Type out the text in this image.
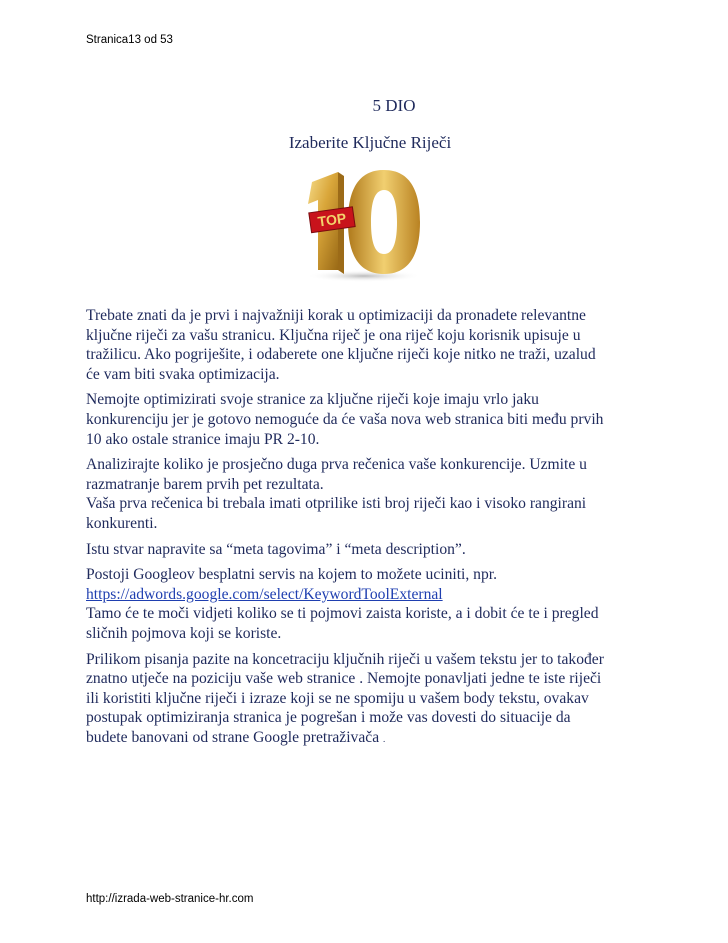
Stranica13 od 53
5 DIO
Izaberite Ključne Riječi
TOP

Trebate znati da je prvi i najvažniji korak u optimizaciji da pronadete relevantne
ključne riječi za vašu stranicu. Ključna riječ je ona riječ koju korisnik upisuje u
tražilicu. Ako pogriješite, i odaberete one ključne riječi koje nitko ne traži, uzalud
će vam biti svaka optimizacija.

Nemojte optimizirati svoje stranice za ključne riječi koje imaju vrlo jaku
konkurenciju jer je gotovo nemoguće da će vaša nova web stranica biti među prvih
10 ako ostale stranice imaju PR 2-10.

Analizirajte koliko je prosječno duga prva rečenica vaše konkurencije. Uzmite u
razmatranje barem prvih pet rezultata.
Vaša prva rečenica bi trebala imati otprilike isti broj riječi kao i visoko rangirani
konkurenti.

Istu stvar napravite sa “meta tagovima” i “meta description”.

Postoji Googleov besplatni servis na kojem to možete uciniti, npr.
https://adwords.google.com/select/KeywordToolExternal
Tamo će te moči vidjeti koliko se ti pojmovi zaista koriste, a i dobit će te i pregled
sličnih pojmova koji se koriste.

Prilikom pisanja pazite na koncetraciju ključnih riječi u vašem tekstu jer to također
znatno utječe na poziciju vaše web stranice . Nemojte ponavljati jedne te iste riječi
ili koristiti ključne riječi i izraze koji se ne spomiju u vašem body tekstu, ovakav
postupak optimiziranja stranica je pogrešan i može vas dovesti do situacije da
budete banovani od strane Google pretraživača .

http://izrada-web-stranice-hr.com
